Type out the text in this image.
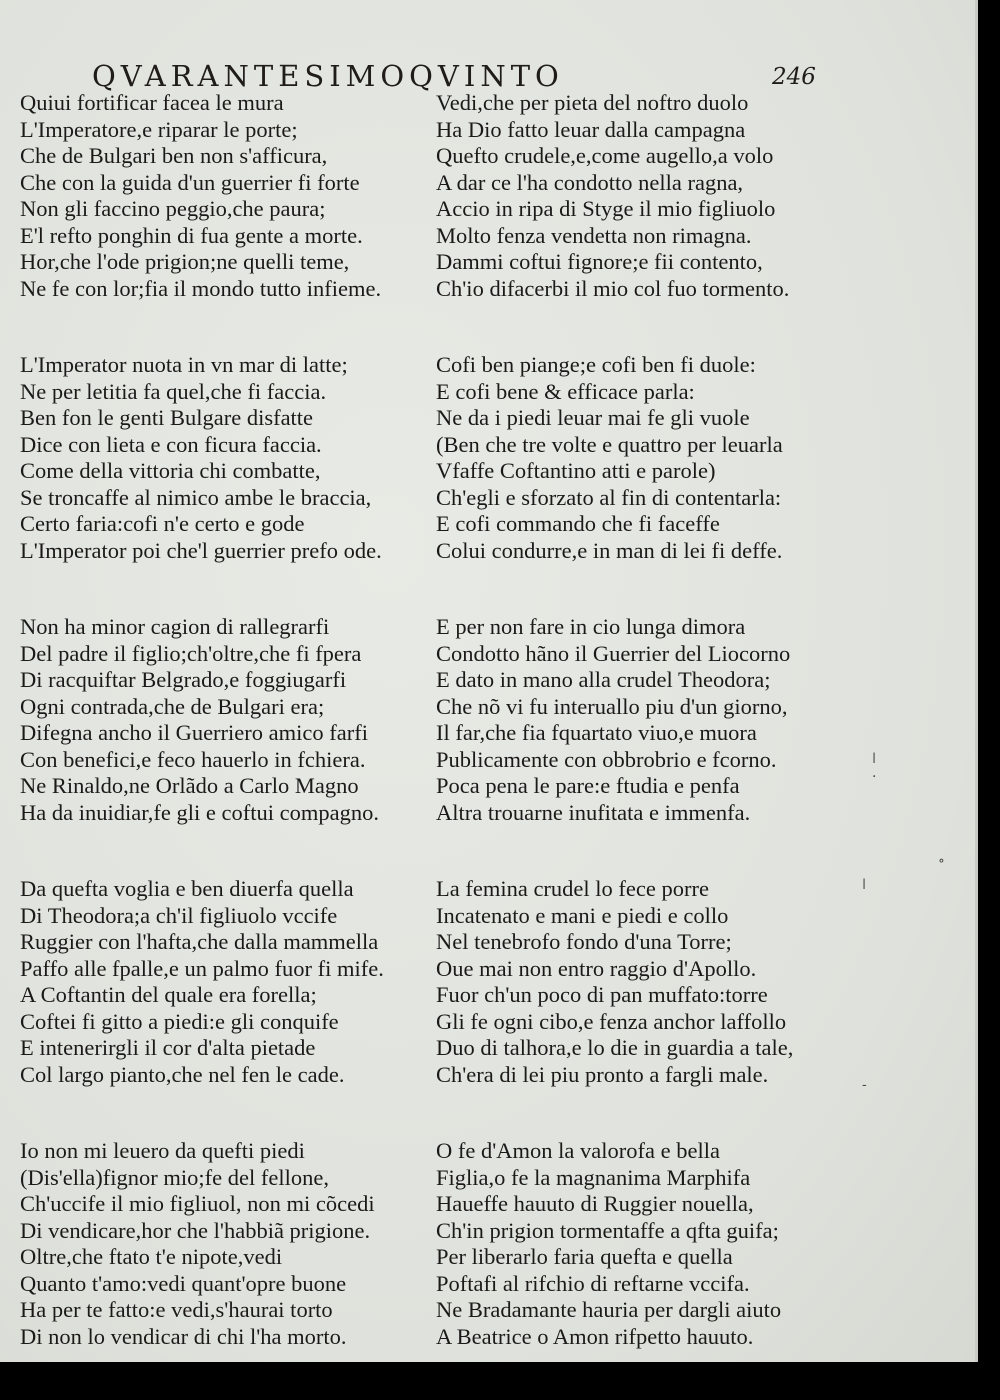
QVARANTESIMOQVINTO	246
Quiui fortificar facea le mura
L'Imperatore,e riparar le porte;
Che de Bulgari ben non s'afficura,
Che con la guida d'un guerrier fi forte
Non gli faccino peggio,che paura;
E'l refto ponghin di fua gente a morte.
Hor,che l'ode prigion;ne quelli teme,
Ne fe con lor;fia il mondo tutto infieme.
L'Imperator nuota in vn mar di latte;
Ne per letitia fa quel,che fi faccia.
Ben fon le genti Bulgare disfatte
Dice con lieta e con ficura faccia.
Come della vittoria chi combatte,
Se troncaffe al nimico ambe le braccia,
Certo faria:cofi n'e certo e gode
L'Imperator poi che'l guerrier prefo ode.
Non ha minor cagion di rallegrarfi
Del padre il figlio;ch'oltre,che fi fpera
Di racquiftar Belgrado,e foggiugarfi
Ogni contrada,che de Bulgari era;
Difegna ancho il Guerriero amico farfi
Con benefici,e feco hauerlo in fchiera.
Ne Rinaldo,ne Orlãdo a Carlo Magno
Ha da inuidiar,fe gli e coftui compagno.
Da quefta voglia e ben diuerfa quella
Di Theodora;a ch'il figliuolo vccife
Ruggier con l'hafta,che dalla mammella
Paffo alle fpalle,e un palmo fuor fi mife.
A Coftantin del quale era forella;
Coftei fi gitto a piedi:e gli conquife
E intenerirgli il cor d'alta pietade
Col largo pianto,che nel fen le cade.
Io non mi leuero da quefti piedi
(Dis'ella)fignor mio;fe del fellone,
Ch'uccife il mio figliuol, non mi cõcedi
Di vendicare,hor che l'habbiã prigione.
Oltre,che ftato t'e nipote,vedi
Quanto t'amo:vedi quant'opre buone
Ha per te fatto:e vedi,s'haurai torto
Di non lo vendicar di chi l'ha morto.
Vedi,che per pieta del noftro duolo
Ha Dio fatto leuar dalla campagna
Quefto crudele,e,come augello,a volo
A dar ce l'ha condotto nella ragna,
Accio in ripa di Styge il mio figliuolo
Molto fenza vendetta non rimagna.
Dammi coftui fignore;e fii contento,
Ch'io difacerbi il mio col fuo tormento.
Cofi ben piange;e cofi ben fi duole:
E cofi bene & efficace parla:
Ne da i piedi leuar mai fe gli vuole
(Ben che tre volte e quattro per leuarla
Vfaffe Coftantino atti e parole)
Ch'egli e sforzato al fin di contentarla:
E cofi commando che fi faceffe
Colui condurre,e in man di lei fi deffe.
E per non fare in cio lunga dimora
Condotto hãno il Guerrier del Liocorno
E dato in mano alla crudel Theodora;
Che nõ vi fu interuallo piu d'un giorno,
Il far,che fia fquartato viuo,e muora
Publicamente con obbrobrio e fcorno.
Poca pena le pare:e ftudia e penfa
Altra trouarne inufitata e immenfa.
La femina crudel lo fece porre
Incatenato e mani e piedi e collo
Nel tenebrofo fondo d'una Torre;
Oue mai non entro raggio d'Apollo.
Fuor ch'un poco di pan muffato:torre
Gli fe ogni cibo,e fenza anchor laffollo
Duo di talhora,e lo die in guardia a tale,
Ch'era di lei piu pronto a fargli male.
O fe d'Amon la valorofa e bella
Figlia,o fe la magnanima Marphifa
Haueffe hauuto di Ruggier nouella,
Ch'in prigion tormentaffe a qfta guifa;
Per liberarlo faria quefta e quella
Poftafi al rifchio di reftarne vccifa.
Ne Bradamante hauria per dargli aiuto
A Beatrice o Amon rifpetto hauuto.
ǀ
·
ǀ
∘
-
